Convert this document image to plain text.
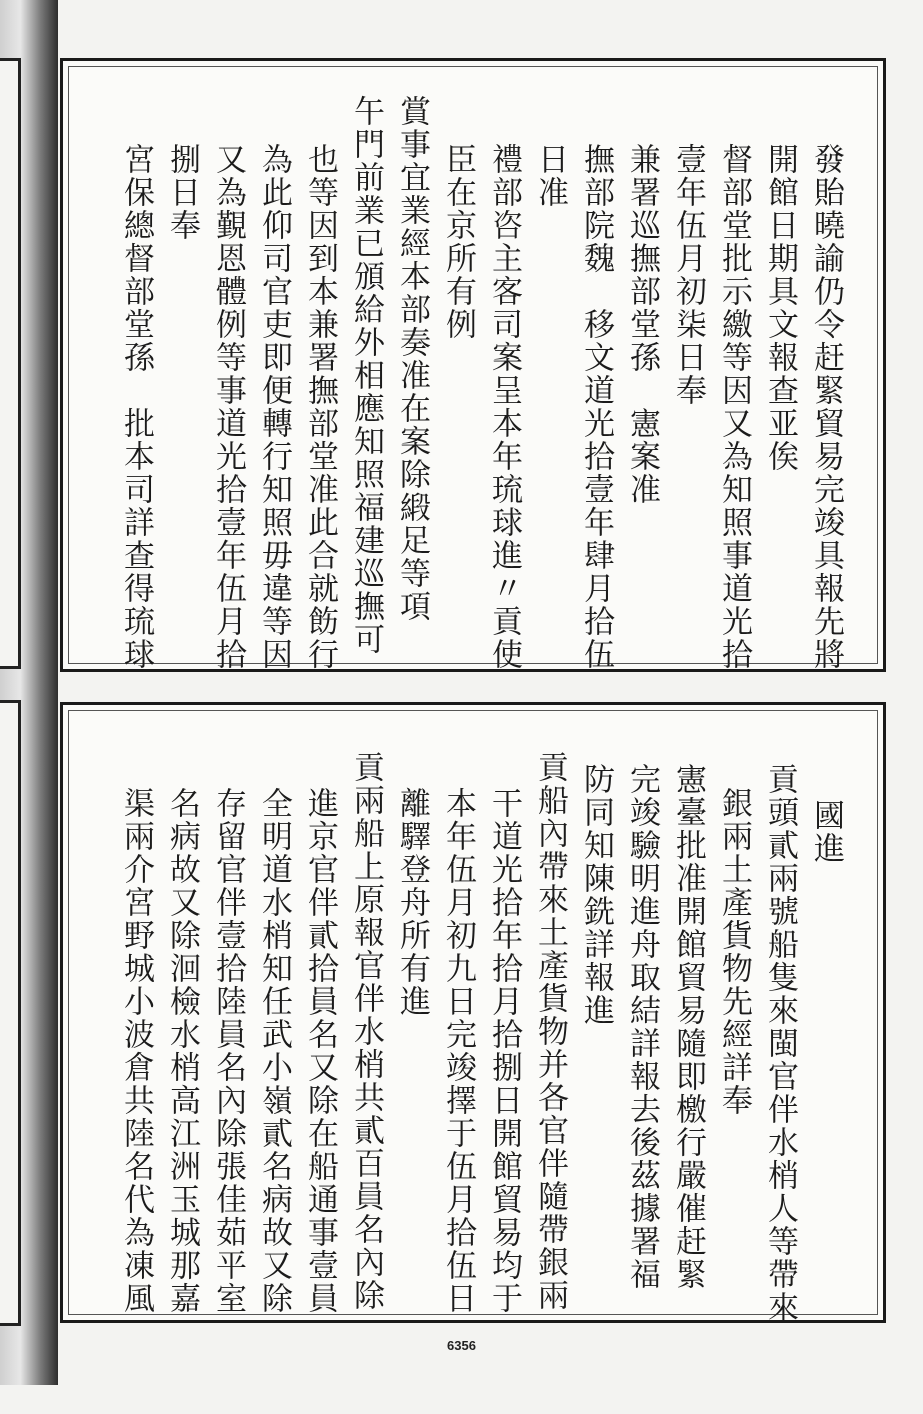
發貽曉諭仍令赶緊貿易完竣具報先將
開館日期具文報查亚俟
督部堂批示繳等因又為知照事道光拾
壹年伍月初柒日奉
兼署巡撫部堂孫　憲案准
撫部院魏　移文道光拾壹年肆月拾伍
日准
禮部咨主客司案呈本年琉球進〃貢使
臣在京所有例
賞事宜業經本部奏准在案除緞足等項
午門前業已頒給外相應知照福建巡撫可
也等因到本兼署撫部堂准此合就飭行
為此仰司官吏即便轉行知照毋違等因
又為覲恩體例等事道光拾壹年伍月拾
捌日奉
宮保總督部堂孫　批本司詳查得琉球
國進
貢頭貳兩號船隻來閩官伴水梢人等帶來
銀兩土產貨物先經詳奉
憲臺批准開館貿易隨即檄行嚴催赶緊
完竣驗明進舟取結詳報去後茲據署福
防同知陳銑詳報進
貢船內帶來土產貨物并各官伴隨帶銀兩
干道光拾年拾月拾捌日開館貿易均于
本年伍月初九日完竣擇于伍月拾伍日
離驛登舟所有進
貢兩船上原報官伴水梢共貳百員名內除
進京官伴貳拾員名又除在船通事壹員
全明道水梢知任武小嶺貳名病故又除
存留官伴壹拾陸員名內除張佳茹平室
名病故又除洄檢水梢高江洲玉城那嘉
渠兩介宮野城小波倉共陸名代為凍風
6356
